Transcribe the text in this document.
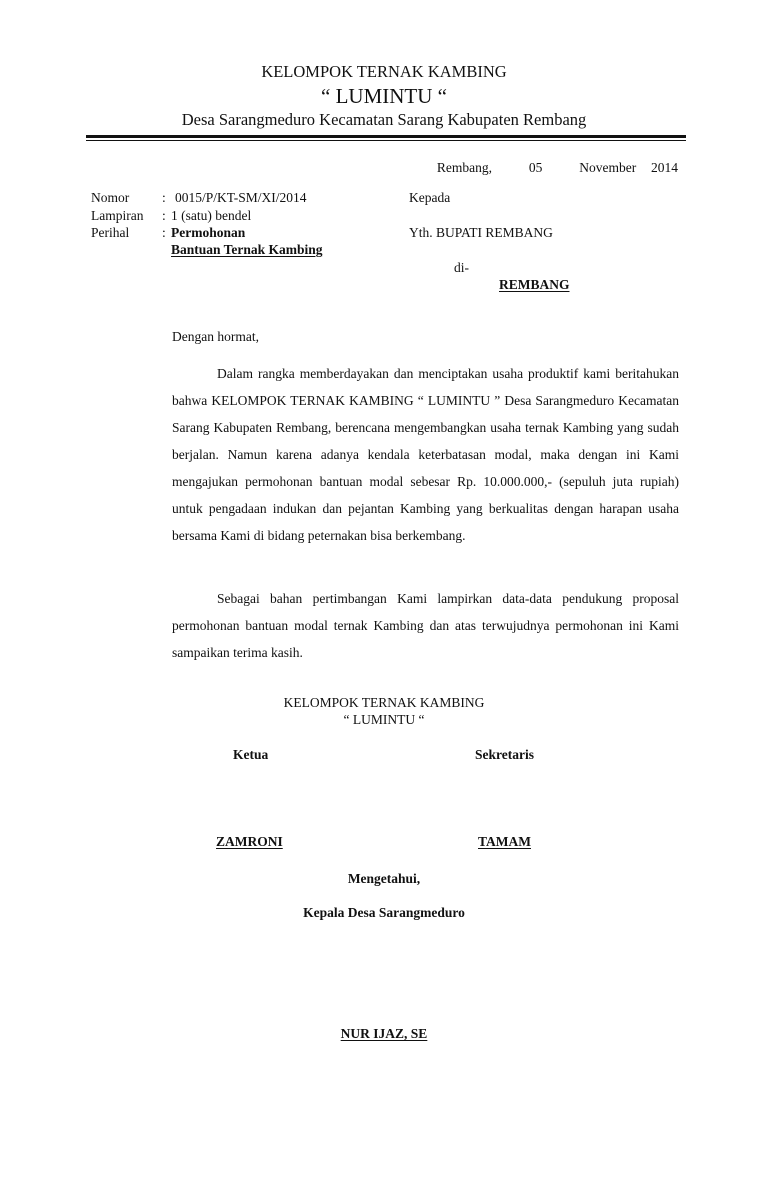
KELOMPOK TERNAK KAMBING
“ LUMINTU “
Desa Sarangmeduro Kecamatan Sarang Kabupaten Rembang
Rembang,     05     November  2014
Nomor
Lampiran
Perihal
:
:
:
0015/P/KT-SM/XI/2014
1 (satu) bendel
Permohonan
Bantuan Ternak Kambing
Kepada
Yth. BUPATI REMBANG
di-
REMBANG
Dengan hormat,

Dalam rangka memberdayakan dan menciptakan usaha produktif kami beritahukan bahwa KELOMPOK TERNAK KAMBING “ LUMINTU ” Desa Sarangmeduro Kecamatan Sarang Kabupaten Rembang, berencana mengembangkan usaha ternak Kambing yang sudah berjalan. Namun karena adanya kendala keterbatasan modal, maka dengan ini Kami mengajukan permohonan bantuan modal sebesar Rp. 10.000.000,- (sepuluh juta rupiah) untuk pengadaan indukan dan pejantan Kambing yang berkualitas dengan harapan usaha bersama Kami di bidang peternakan bisa berkembang.

Sebagai bahan pertimbangan Kami lampirkan data-data pendukung proposal permohonan bantuan modal ternak Kambing dan atas terwujudnya permohonan ini Kami sampaikan terima kasih.

KELOMPOK TERNAK KAMBING
“ LUMINTU “
Ketua	Sekretaris
ZAMRONI	TAMAM
Mengetahui,
Kepala Desa Sarangmeduro
NUR IJAZ, SE
